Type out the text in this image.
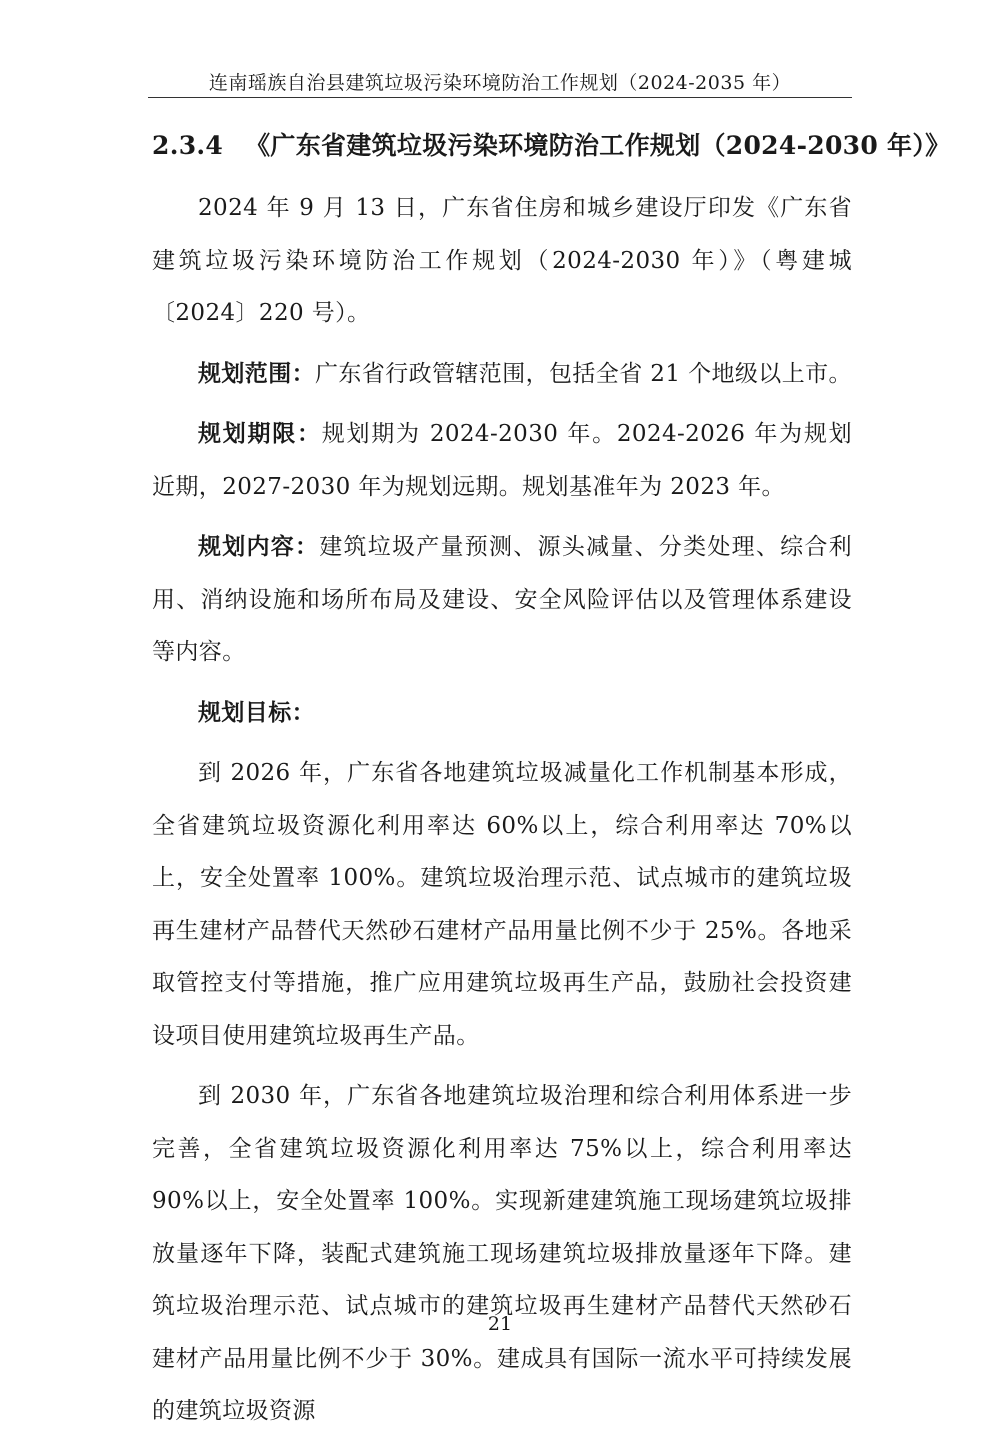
连南瑶族自治县建筑垃圾污染环境防治工作规划（2024-2035 年）
2.3.4 《广东省建筑垃圾污染环境防治工作规划（2024-2030 年）》

2024 年 9 月 13 日，广东省住房和城乡建设厅印发《广东省建筑垃圾污染环境防治工作规划（2024-2030 年）》（粤建城〔2024〕220 号）。

规划范围：广东省行政管辖范围，包括全省 21 个地级以上市。

规划期限：规划期为 2024-2030 年。2024-2026 年为规划近期，2027-2030 年为规划远期。规划基准年为 2023 年。

规划内容：建筑垃圾产量预测、源头减量、分类处理、综合利用、消纳设施和场所布局及建设、安全风险评估以及管理体系建设等内容。

规划目标：

到 2026 年，广东省各地建筑垃圾减量化工作机制基本形成，全省建筑垃圾资源化利用率达 60%以上，综合利用率达 70%以上，安全处置率 100%。建筑垃圾治理示范、试点城市的建筑垃圾再生建材产品替代天然砂石建材产品用量比例不少于 25%。各地采取管控支付等措施，推广应用建筑垃圾再生产品，鼓励社会投资建设项目使用建筑垃圾再生产品。

到 2030 年，广东省各地建筑垃圾治理和综合利用体系进一步完善，全省建筑垃圾资源化利用率达 75%以上，综合利用率达 90%以上，安全处置率 100%。实现新建建筑施工现场建筑垃圾排放量逐年下降，装配式建筑施工现场建筑垃圾排放量逐年下降。建筑垃圾治理示范、试点城市的建筑垃圾再生建材产品替代天然砂石建材产品用量比例不少于 30%。建成具有国际一流水平可持续发展的建筑垃圾资源

21
